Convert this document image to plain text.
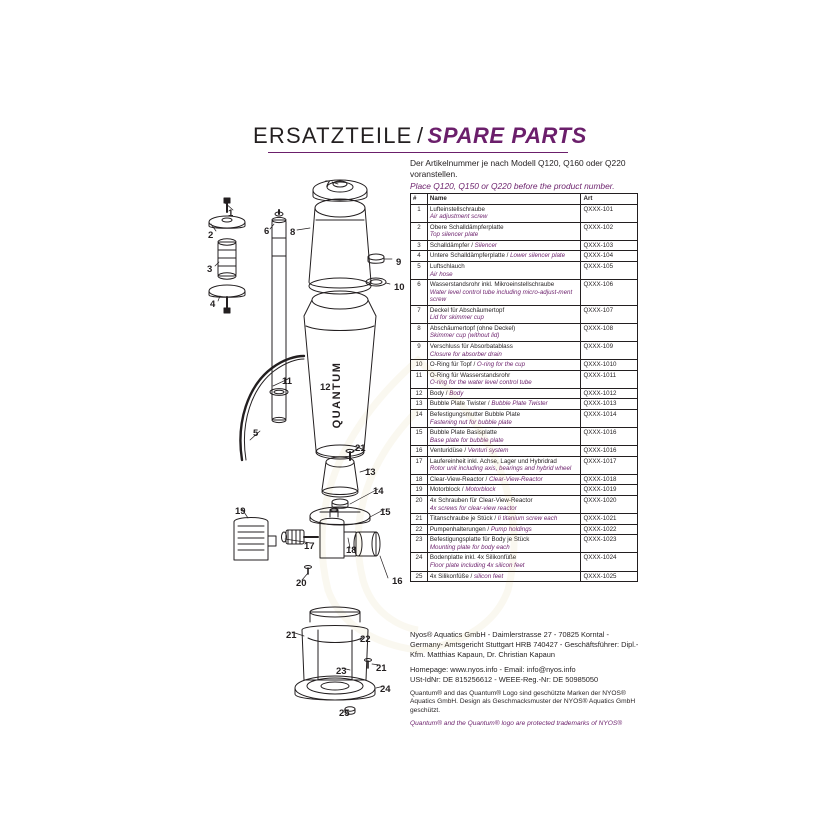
ERSATZTEILE / SPARE PARTS
Der Artikelnummer je nach Modell Q120, Q160 oder Q220 voranstellen.
Place Q120, Q150 or Q220 before the product number.
#	Name	Art
1	Lufteinstellschraube
Air adjustment screw	QXXX-101
2	Obere Schalldämpferplatte
Top silencer plate	QXXX-102
3	Schalldämpfer / Silencer	QXXX-103
4	Untere Schalldämpferplatte / Lower silencer plate	QXXX-104
5	Luftschlauch
Air hose	QXXX-105
6	Wasserstandsrohr inkl. Mikroeinstellschraube
Water level control tube including micro-adjust-ment screw	QXXX-106
7	Deckel für Abschäumertopf
Lid for skimmer cup	QXXX-107
8	Abschäumertopf (ohne Deckel)
Skimmer cup (without lid)	QXXX-108
9	Verschluss für Absorbatablass
Closure for absorber drain	QXXX-109
10	O-Ring für Topf / O-ring for the cup	QXXX-1010
11	O-Ring für Wasserstandsrohr
O-ring for the water level control tube	QXXX-1011
12	Body / Body	QXXX-1012
13	Bubble Plate Twister / Bubble Plate Twister	QXXX-1013
14	Befestigungsmutter Bubble Plate
Fastening nut for bubble plate	QXXX-1014
15	Bubble Plate Basisplatte
Base plate for bubble plate	QXXX-1016
16	Venturidüse / Venturi system	QXXX-1016
17	Laufereinheit inkl. Achse, Lager und Hybridrad
Rotor unit including axis, bearings and hybrid wheel	QXXX-1017
18	Clear-View-Reactor / Clear-View-Reactor	QXXX-1018
19	Motorblock / Motorblock	QXXX-1019
20	4x Schrauben für Clear-View-Reactor
4x screws for clear-view reactor	QXXX-1020
21	Titanschraube je Stück / Ii titanium screw each	QXXX-1021
22	Pumpenhalterungen / Pump holdings	QXXX-1022
23	Befestigungsplatte für Body je Stück
Mounting plate for body each	QXXX-1023
24	Bodenplatte inkl. 4x Silikonfüße
Floor plate including 4x silicon feet	QXXX-1024
25	4x Silikonfüße / silicon feet	QXXX-1025
Nyos® Aquatics GmbH - Daimlerstrasse 27 - 70825 Korntal - Germany- Amtsgericht Stuttgart HRB 740427 - Geschäftsführer: Dipl.-Kfm. Matthias Kapaun, Dr. Christian Kapaun
Homepage: www.nyos.info - Email: info@nyos.info
USt-IdNr: DE 815256612 - WEEE-Reg.-Nr: DE 50985050
Quantum® and das Quantum® Logo sind geschützte Marken der NYOS® Aquatics GmbH. Design als Geschmacksmuster der NYOS® Aquatics GmbH geschützt.
Quantum® and the Quantum® logo are protected trademarks of NYOS®
QUANTUM
1
2
3
4
5
6
7
8
9
10
11
12
13
14
15
16
17	18
19
20
21
21	22
23	21
24
25
